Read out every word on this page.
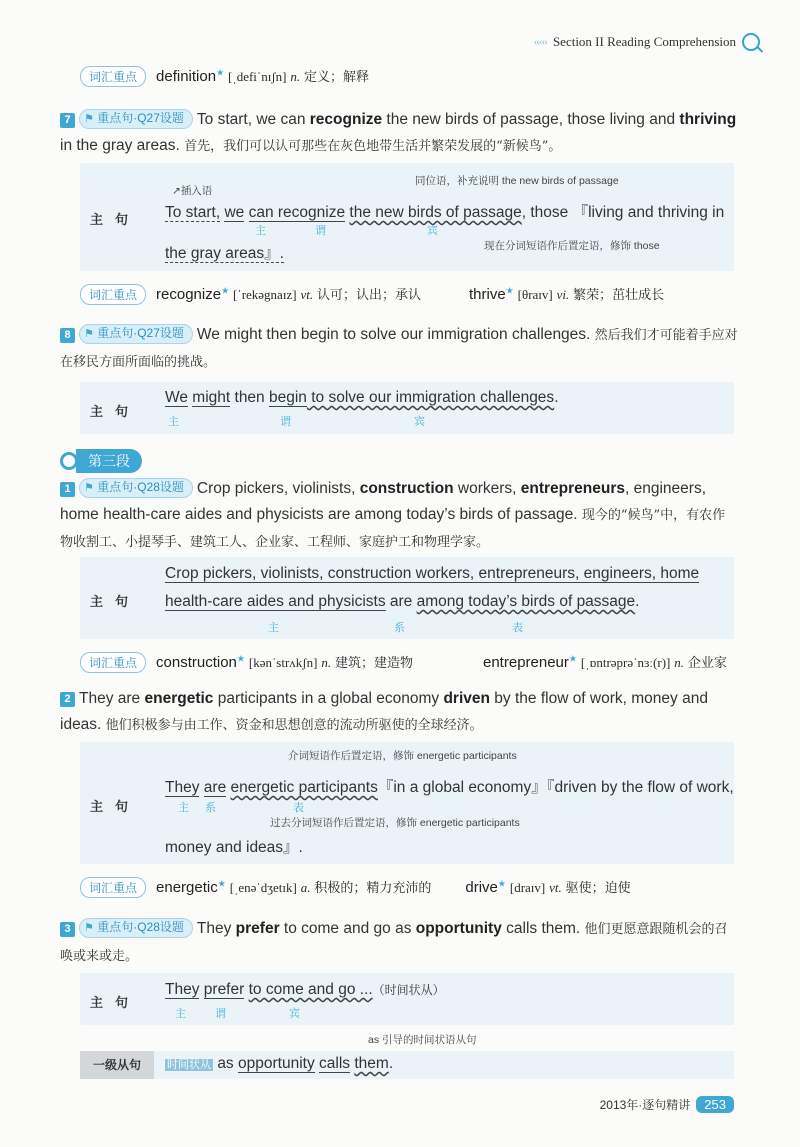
‹‹‹‹‹ Section II Reading Comprehension
词汇重点	definition★ [ˌdefiˈnɪʃn] n. 定义；解释
7 ⚑ 重点句·Q27设题 To start, we can recognize the new birds of passage, those living and thriving in the gray areas. 首先，我们可以认可那些在灰色地带生活并繁荣发展的“新候鸟”。
主句
↗插入语
同位语，补充说明 the new birds of passage
To start, we can recognize the new birds of passage, those 『living and thriving in
主	谓	宾
the gray areas』.	现在分词短语作后置定语，修饰 those
词汇重点	recognize★ [ˈrekəgnaɪz] vt. 认可；认出；承认	thrive★ [θraɪv] vi. 繁荣；茁壮成长
8 ⚑ 重点句·Q27设题 We might then begin to solve our immigration challenges. 然后我们才可能着手应对在移民方面所面临的挑战。
主句
We might then begin to solve our immigration challenges.
主	谓	宾
第三段
1 ⚑ 重点句·Q28设题 Crop pickers, violinists, construction workers, entrepreneurs, engineers, home health-care aides and physicists are among today’s birds of passage. 现今的“候鸟”中，有农作物收割工、小提琴手、建筑工人、企业家、工程师、家庭护工和物理学家。
主句
Crop pickers, violinists, construction workers, entrepreneurs, engineers, home
health-care aides and physicists are among today’s birds of passage.
主	系	表
词汇重点	construction★ [kənˈstrʌkʃn] n. 建筑；建造物	entrepreneur★ [ˌɒntrəprəˈnɜː(r)] n. 企业家
2 They are energetic participants in a global economy driven by the flow of work, money and ideas. 他们积极参与由工作、资金和思想创意的流动所驱使的全球经济。
主句
介词短语作后置定语，修饰 energetic participants
They are energetic participants『in a global economy』『driven by the flow of work,
主 系	表
过去分词短语作后置定语，修饰 energetic participants
money and ideas』.
词汇重点	energetic★ [ˌenəˈdʒetɪk] a. 积极的；精力充沛的 drive★ [draɪv] vt. 驱使；迫使
3 ⚑ 重点句·Q28设题 They prefer to come and go as opportunity calls them. 他们更愿意跟随机会的召唤或来或走。
主句
They prefer to come and go ...（时间状从）
主	谓	宾
as 引导的时间状语从句
一级从句	时间状从 as opportunity calls them.
2013年·逐句精讲	253
